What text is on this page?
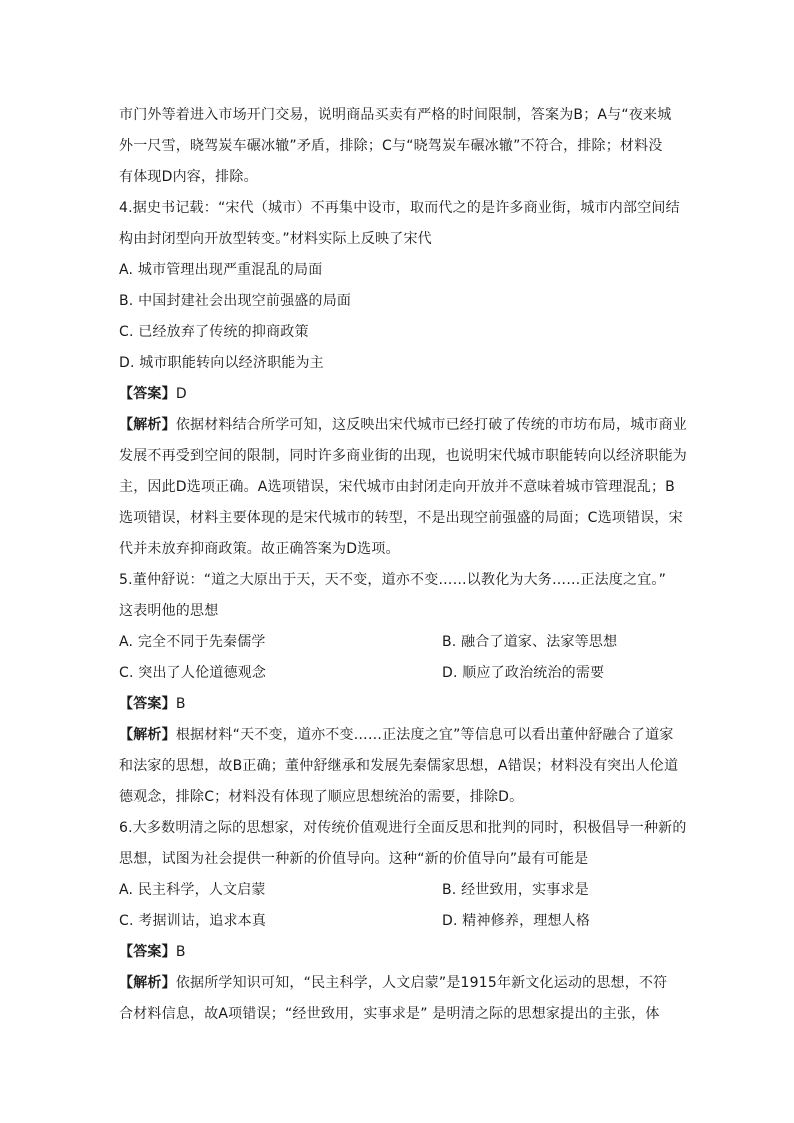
市门外等着进入市场开门交易，说明商品买卖有严格的时间限制，答案为B；A与“夜来城
外一尺雪，晓驾炭车碾冰辙”矛盾，排除；C与“晓驾炭车碾冰辙”不符合，排除；材料没
有体现D内容，排除。
4.据史书记载：“宋代（城市）不再集中设市，取而代之的是许多商业街，城市内部空间结
构由封闭型向开放型转变。”材料实际上反映了宋代
A. 城市管理出现严重混乱的局面
B. 中国封建社会出现空前强盛的局面
C. 已经放弃了传统的抑商政策
D. 城市职能转向以经济职能为主
【答案】D
【解析】依据材料结合所学可知，这反映出宋代城市已经打破了传统的市坊布局，城市商业
发展不再受到空间的限制，同时许多商业街的出现，也说明宋代城市职能转向以经济职能为
主，因此D选项正确。A选项错误，宋代城市由封闭走向开放并不意味着城市管理混乱；B
选项错误，材料主要体现的是宋代城市的转型，不是出现空前强盛的局面；C选项错误，宋
代并未放弃抑商政策。故正确答案为D选项。
5.董仲舒说：“道之大原出于天，天不变，道亦不变……以教化为大务……正法度之宜。”
这表明他的思想
A. 完全不同于先秦儒学	B. 融合了道家、法家等思想
C. 突出了人伦道德观念	D. 顺应了政治统治的需要
【答案】B
【解析】根据材料“天不变，道亦不变……正法度之宜”等信息可以看出董仲舒融合了道家
和法家的思想，故B正确；董仲舒继承和发展先秦儒家思想，A错误；材料没有突出人伦道
德观念，排除C；材料没有体现了顺应思想统治的需要，排除D。
6.大多数明清之际的思想家，对传统价值观进行全面反思和批判的同时，积极倡导一种新的
思想，试图为社会提供一种新的价值导向。这种“新的价值导向”最有可能是
A. 民主科学，人文启蒙	B. 经世致用，实事求是
C. 考据训诂，追求本真	D. 精神修养，理想人格
【答案】B
【解析】依据所学知识可知，“民主科学，人文启蒙”是1915年新文化运动的思想，不符
合材料信息，故A项错误；“经世致用，实事求是” 是明清之际的思想家提出的主张，体
